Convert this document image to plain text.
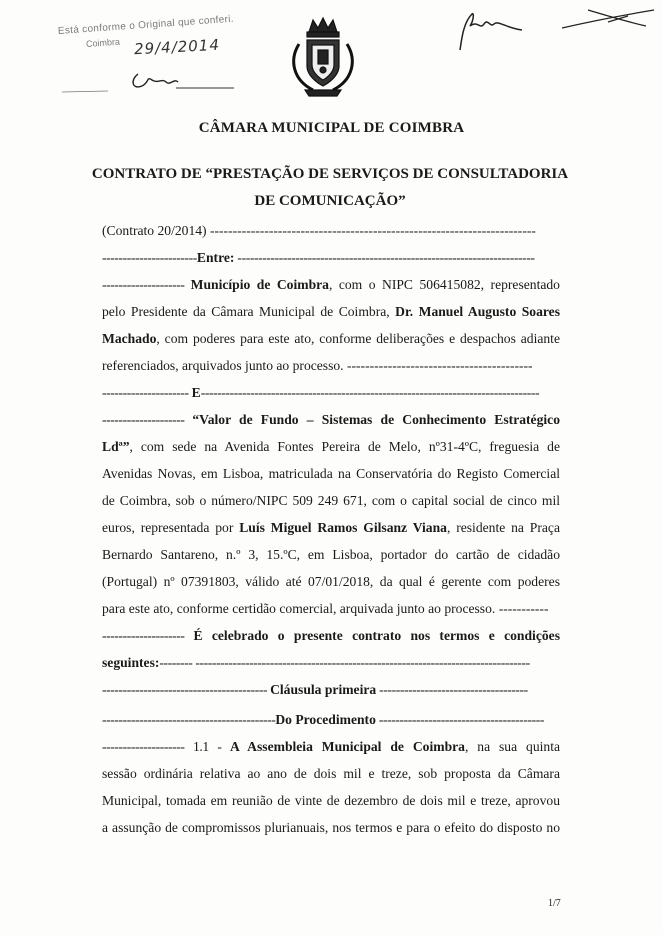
Está conforme o Original que conferi.
Coimbra 29/4/2014
CÂMARA MUNICIPAL DE COIMBRA
CONTRATO DE “PRESTAÇÃO DE SERVIÇOS DE CONSULTADORIA
DE COMUNICAÇÃO”
(Contrato 20/2014) ------------------------------------------------------------------------
-----------------------Entre: ------------------------------------------------------------------------
-------------------- Município de Coimbra, com o NIPC 506415082, representado
pelo Presidente da Câmara Municipal de Coimbra, Dr. Manuel Augusto Soares
Machado, com poderes para este ato, conforme deliberações e despachos adiante
referenciados, arquivados junto ao processo. -----------------------------------------
--------------------- E----------------------------------------------------------------------------------
-------------------- “Valor de Fundo – Sistemas de Conhecimento Estratégico
Ldª”, com sede na Avenida Fontes Pereira de Melo, nº31-4ºC, freguesia de
Avenidas Novas, em Lisboa, matriculada na Conservatória do Registo Comercial
de Coimbra, sob o número/NIPC 509 249 671, com o capital social de cinco mil
euros, representada por Luís Miguel Ramos Gilsanz Viana, residente na Praça
Bernardo Santareno, n.º 3, 15.ºC, em Lisboa, portador do cartão de cidadão
(Portugal) nº 07391803, válido até 07/01/2018, da qual é gerente com poderes
para este ato, conforme certidão comercial, arquivada junto ao processo. -----------
-------------------- É celebrado o presente contrato nos termos e condições
seguintes:-------- ---------------------------------------------------------------------------------
---------------------------------------- Cláusula primeira ------------------------------------
------------------------------------------Do Procedimento ----------------------------------------
-------------------- 1.1 - A Assembleia Municipal de Coimbra, na sua quinta
sessão ordinária relativa ao ano de dois mil e treze, sob proposta da Câmara
Municipal, tomada em reunião de vinte de dezembro de dois mil e treze, aprovou
a assunção de compromissos plurianuais, nos termos e para o efeito do disposto no
1/7
